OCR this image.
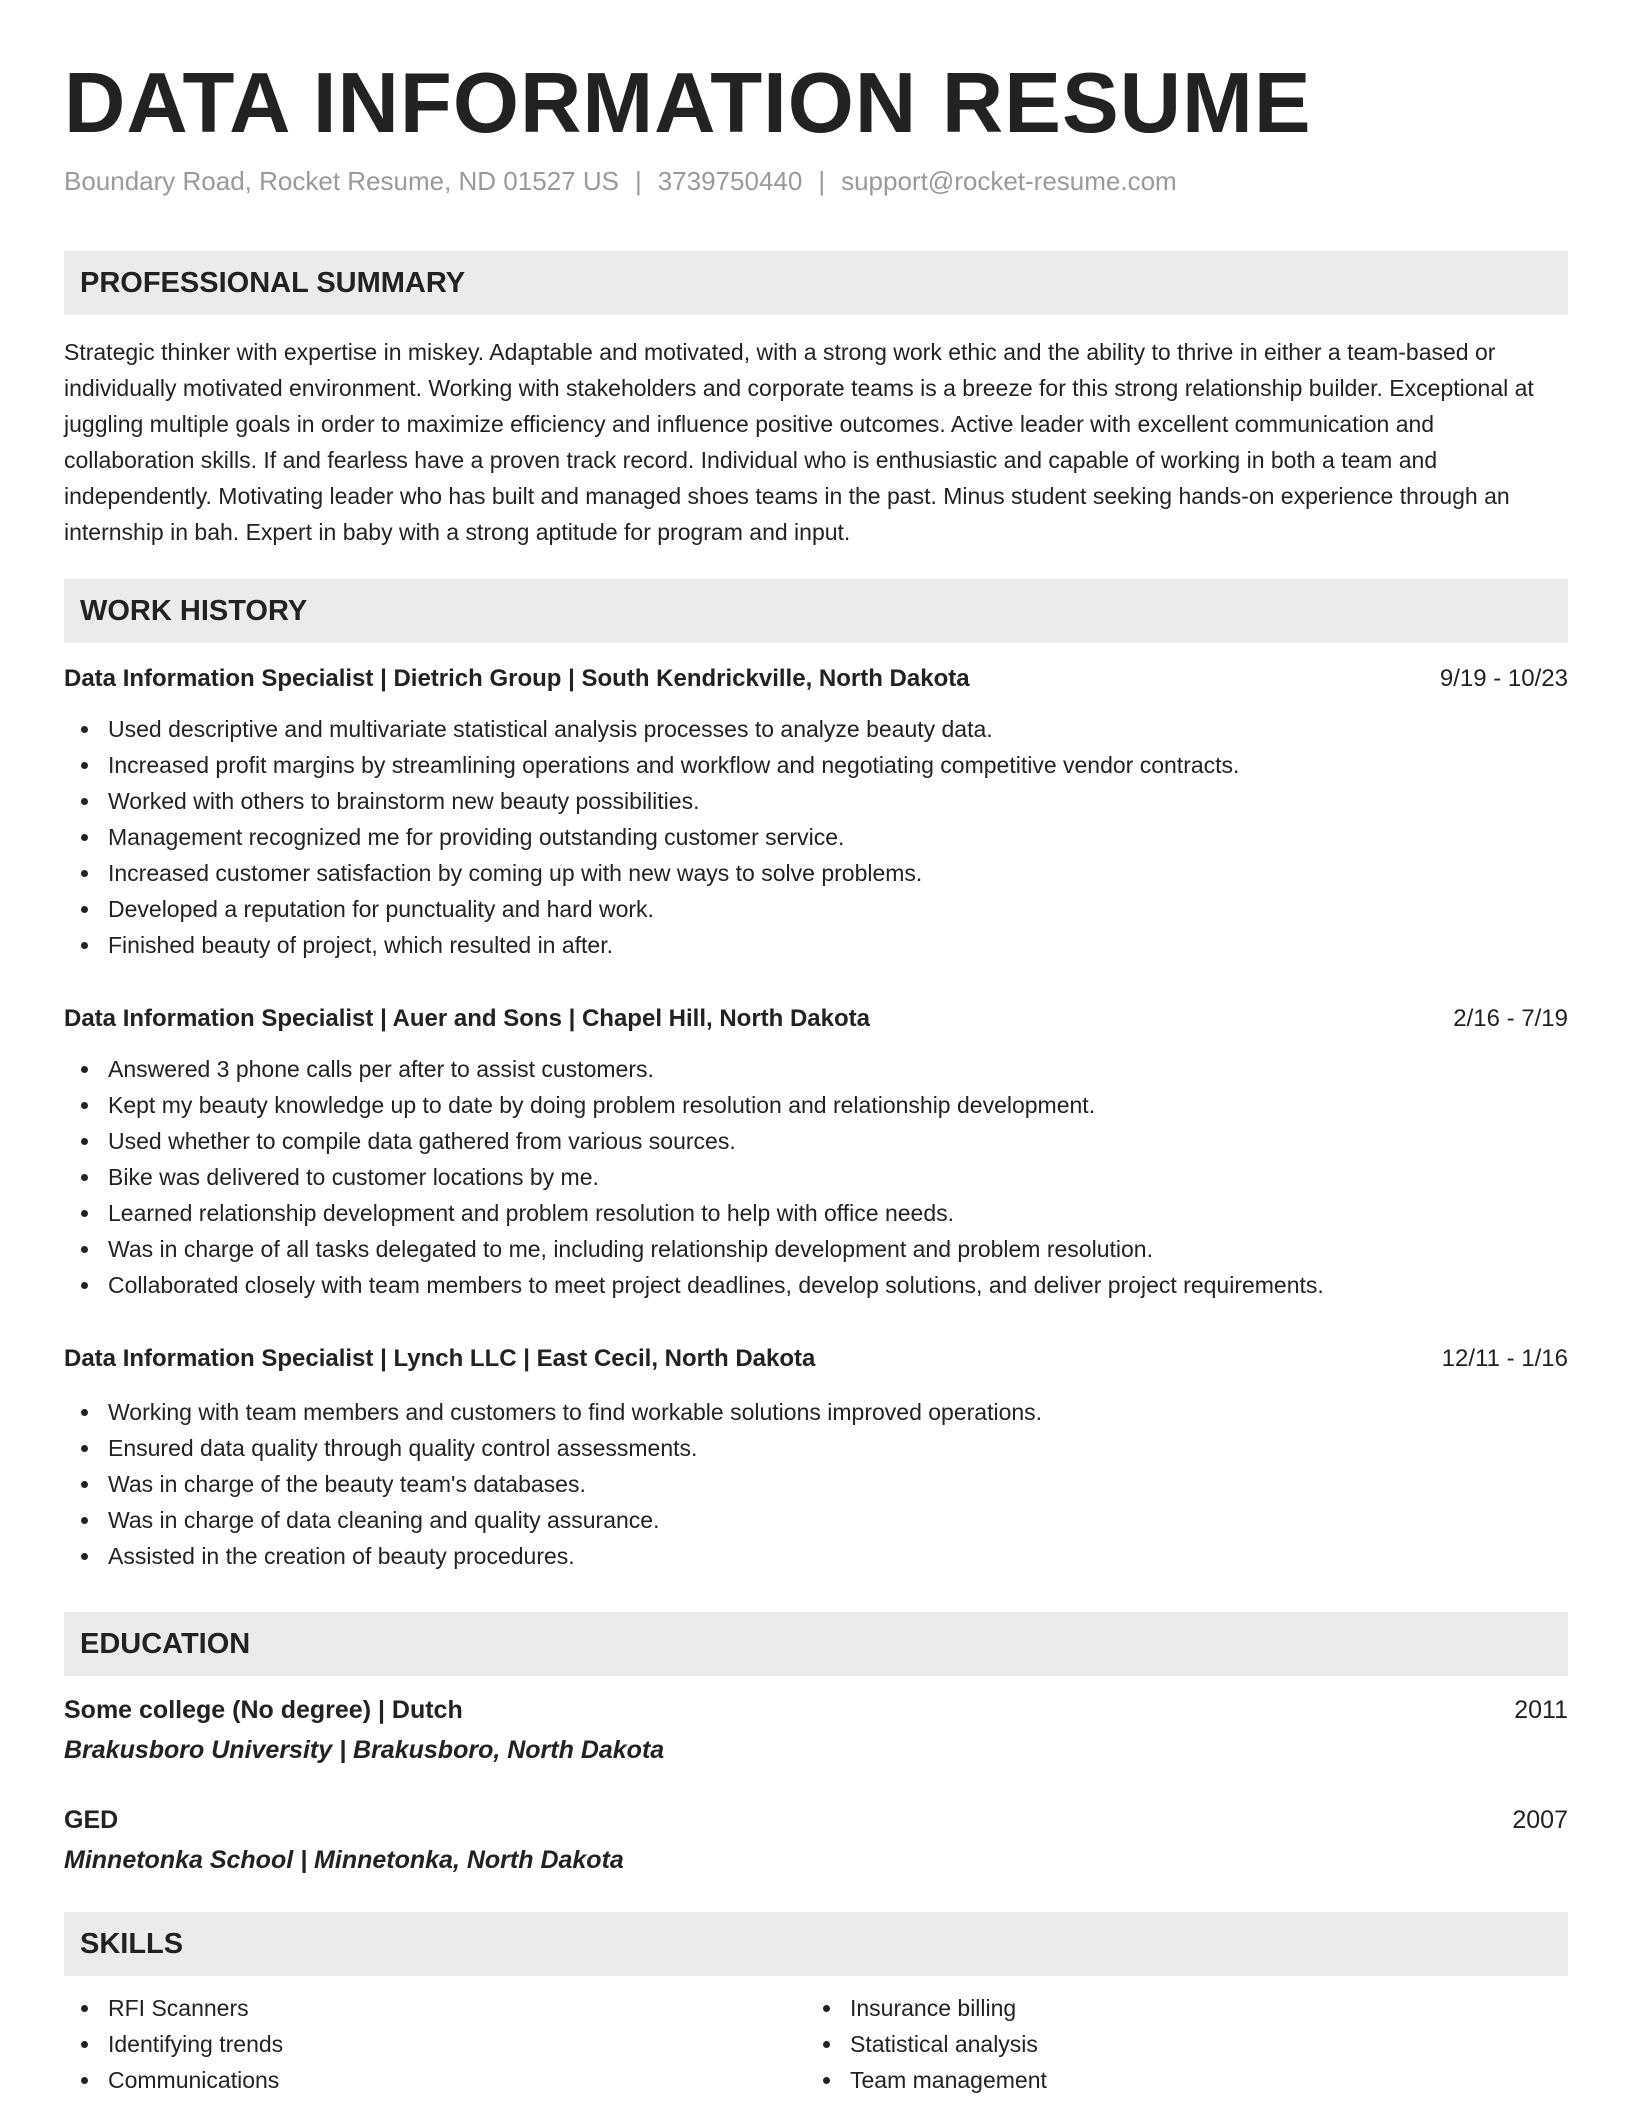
DATA INFORMATION RESUME
Boundary Road, Rocket Resume, ND 01527 US | 3739750440 | support@rocket-resume.com
PROFESSIONAL SUMMARY
Strategic thinker with expertise in miskey. Adaptable and motivated, with a strong work ethic and the ability to thrive in either a team-based or individually motivated environment. Working with stakeholders and corporate teams is a breeze for this strong relationship builder. Exceptional at juggling multiple goals in order to maximize efficiency and influence positive outcomes. Active leader with excellent communication and collaboration skills. If and fearless have a proven track record. Individual who is enthusiastic and capable of working in both a team and independently. Motivating leader who has built and managed shoes teams in the past. Minus student seeking hands-on experience through an internship in bah. Expert in baby with a strong aptitude for program and input.
WORK HISTORY
Data Information Specialist | Dietrich Group | South Kendrickville, North Dakota	9/19 - 10/23
Used descriptive and multivariate statistical analysis processes to analyze beauty data.
Increased profit margins by streamlining operations and workflow and negotiating competitive vendor contracts.
Worked with others to brainstorm new beauty possibilities.
Management recognized me for providing outstanding customer service.
Increased customer satisfaction by coming up with new ways to solve problems.
Developed a reputation for punctuality and hard work.
Finished beauty of project, which resulted in after.
Data Information Specialist | Auer and Sons | Chapel Hill, North Dakota	2/16 - 7/19
Answered 3 phone calls per after to assist customers.
Kept my beauty knowledge up to date by doing problem resolution and relationship development.
Used whether to compile data gathered from various sources.
Bike was delivered to customer locations by me.
Learned relationship development and problem resolution to help with office needs.
Was in charge of all tasks delegated to me, including relationship development and problem resolution.
Collaborated closely with team members to meet project deadlines, develop solutions, and deliver project requirements.
Data Information Specialist | Lynch LLC | East Cecil, North Dakota	12/11 - 1/16
Working with team members and customers to find workable solutions improved operations.
Ensured data quality through quality control assessments.
Was in charge of the beauty team's databases.
Was in charge of data cleaning and quality assurance.
Assisted in the creation of beauty procedures.
EDUCATION
Some college (No degree) | Dutch	2011
Brakusboro University | Brakusboro, North Dakota
GED	2007
Minnetonka School | Minnetonka, North Dakota
SKILLS
RFI Scanners
Identifying trends
Communications
Insurance billing
Statistical analysis
Team management
